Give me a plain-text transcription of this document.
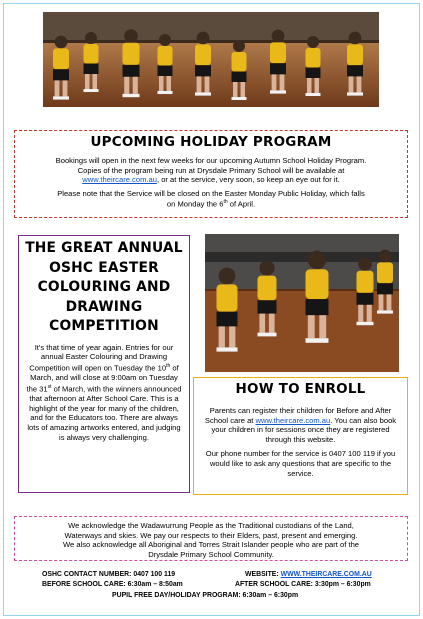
UPCOMING HOLIDAY PROGRAM
Bookings will open in the next few weeks for our upcoming Autumn School Holiday Program.
Copies of the program being run at Drysdale Primary School will be available at
www.theircare.com.au, or at the service, very soon, so keep an eye out for it.
Please note that the Service will be closed on the Easter Monday Public Holiday, which falls
on Monday the 6th of April.
THE GREAT ANNUAL
OSHC EASTER
COLOURING AND
DRAWING
COMPETITION
It's that time of year again. Entries for our annual Easter Colouring and Drawing Competition will open on Tuesday the 10th of March, and will close at 9:00am on Tuesday the 31st of March, with the winners announced that afternoon at After School Care. This is a highlight of the year for many of the children, and for the Educators too. There are always lots of amazing artworks entered, and judging is always very challenging.
HOW TO ENROLL
Parents can register their children for Before and After School care at www.theircare.com.au. You can also book your children in for sessions once they are registered through this website.
Our phone number for the service is 0407 100 119 if you would like to ask any questions that are specific to the service.
We acknowledge the Wadawurrung People as the Traditional custodians of the Land,
Waterways and skies. We pay our respects to their Elders, past, present and emerging.
We also acknowledge all Aboriginal and Torres Strait Islander people who are part of the
Drysdale Primary School Community.
OSHC CONTACT NUMBER: 0407 100 119	WEBSITE: WWW.THEIRCARE.COM.AU
BEFORE SCHOOL CARE: 6:30am – 8:50am	AFTER SCHOOL CARE: 3:30pm – 6:30pm
PUPIL FREE DAY/HOLIDAY PROGRAM: 6:30am – 6:30pm
